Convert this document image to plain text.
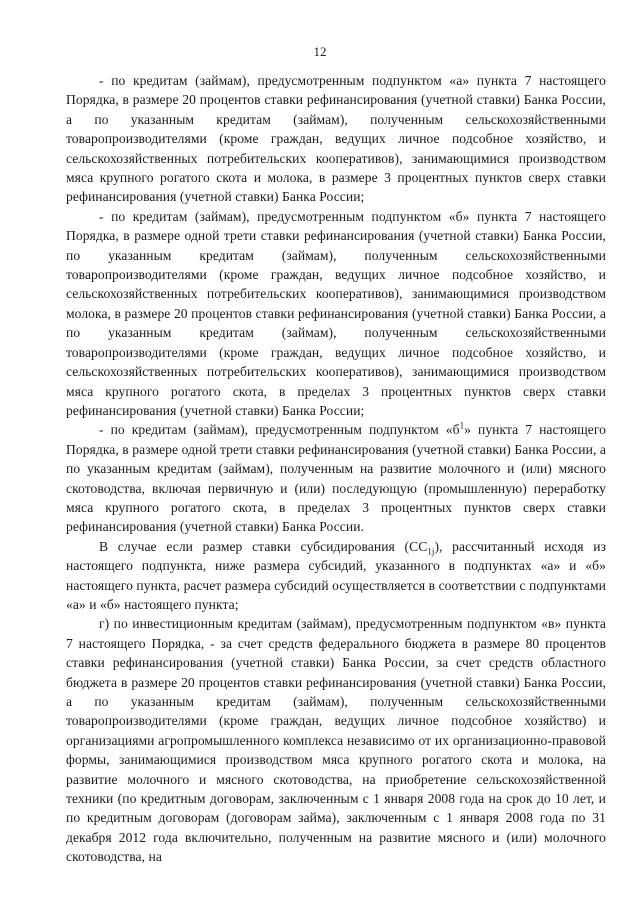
12

- по кредитам (займам), предусмотренным подпунктом «а» пункта 7 настоящего Порядка, в размере 20 процентов ставки рефинансирования (учетной ставки) Банка России, а по указанным кредитам (займам), полученным сельскохозяйственными товаропроизводителями (кроме граждан, ведущих личное подсобное хозяйство, и сельскохозяйственных потребительских кооперативов), занимающимися производством мяса крупного рогатого скота и молока, в размере 3 процентных пунктов сверх ставки рефинансирования (учетной ставки) Банка России;

- по кредитам (займам), предусмотренным подпунктом «б» пункта 7 настоящего Порядка, в размере одной трети ставки рефинансирования (учетной ставки) Банка России, по указанным кредитам (займам), полученным сельскохозяйственными товаропроизводителями (кроме граждан, ведущих личное подсобное хозяйство, и сельскохозяйственных потребительских кооперативов), занимающимися производством молока, в размере 20 процентов ставки рефинансирования (учетной ставки) Банка России, а по указанным кредитам (займам), полученным сельскохозяйственными товаропроизводителями (кроме граждан, ведущих личное подсобное хозяйство, и сельскохозяйственных потребительских кооперативов), занимающимися производством мяса крупного рогатого скота, в пределах 3 процентных пунктов сверх ставки рефинансирования (учетной ставки) Банка России;

- по кредитам (займам), предусмотренным подпунктом «$б^1$» пункта 7 настоящего Порядка, в размере одной трети ставки рефинансирования (учетной ставки) Банка России, а по указанным кредитам (займам), полученным на развитие молочного и (или) мясного скотоводства, включая первичную и (или) последующую (промышленную) переработку мяса крупного рогатого скота, в пределах 3 процентных пунктов сверх ставки рефинансирования (учетной ставки) Банка России.

В случае если размер ставки субсидирования $(СС_{1j})$, рассчитанный исходя из настоящего подпункта, ниже размера субсидий, указанного в подпунктах «а» и «б» настоящего пункта, расчет размера субсидий осуществляется в соответствии с подпунктами «а» и «б» настоящего пункта;

г) по инвестиционным кредитам (займам), предусмотренным подпунктом «в» пункта 7 настоящего Порядка, - за счет средств федерального бюджета в размере 80 процентов ставки рефинансирования (учетной ставки) Банка России, за счет средств областного бюджета в размере 20 процентов ставки рефинансирования (учетной ставки) Банка России, а по указанным кредитам (займам), полученным сельскохозяйственными товаропроизводителями (кроме граждан, ведущих личное подсобное хозяйство) и организациями агропромышленного комплекса независимо от их организационно-правовой формы, занимающимися производством мяса крупного рогатого скота и молока, на развитие молочного и мясного скотоводства, на приобретение сельскохозяйственной техники (по кредитным договорам, заключенным с 1 января 2008 года на срок до 10 лет, и по кредитным договорам (договорам займа), заключенным с 1 января 2008 года по 31 декабря 2012 года включительно, полученным на развитие мясного и (или) молочного скотоводства, на
